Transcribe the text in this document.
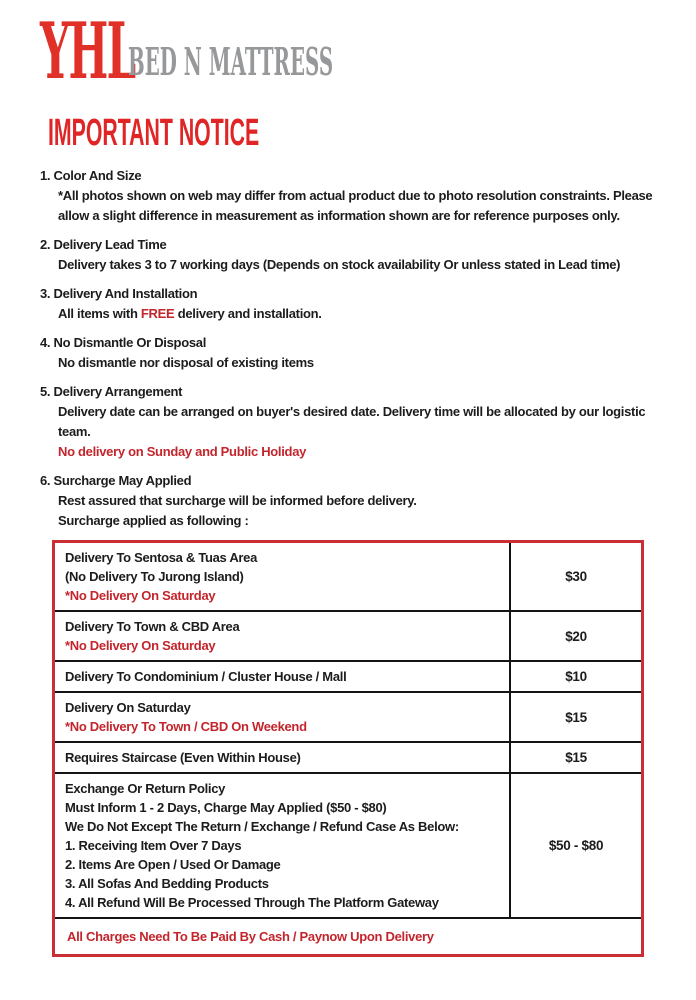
YHL
BED N MATTRESS
IMPORTANT NOTICE
1. Color And Size
*All photos shown on web may differ from actual product due to photo resolution constraints. Please allow a slight difference in measurement as information shown are for reference purposes only.
2. Delivery Lead Time
Delivery takes 3 to 7 working days (Depends on stock availability Or unless stated in Lead time)
3. Delivery And Installation
All items with FREE delivery and installation.
4. No Dismantle Or Disposal
No dismantle nor disposal of existing items
5. Delivery Arrangement
Delivery date can be arranged on buyer's desired date. Delivery time will be allocated by our logistic team.
No delivery on Sunday and Public Holiday
6. Surcharge May Applied
Rest assured that surcharge will be informed before delivery.
Surcharge applied as following :
Delivery To Sentosa & Tuas Area
(No Delivery To Jurong Island)
*No Delivery On Saturday	$30

Delivery To Town & CBD Area
*No Delivery On Saturday	$20

Delivery To Condominium / Cluster House / Mall	$10

Delivery On Saturday
*No Delivery To Town / CBD On Weekend	$15

Requires Staircase (Even Within House)	$15

Exchange Or Return Policy
Must Inform 1 - 2 Days, Charge May Applied ($50 - $80)
We Do Not Except The Return / Exchange / Refund Case As Below:
1. Receiving Item Over 7 Days
2. Items Are Open / Used Or Damage
3. All Sofas And Bedding Products
4. All Refund Will Be Processed Through The Platform Gateway
	$50 - $80
All Charges Need To Be Paid By Cash / Paynow Upon Delivery	
